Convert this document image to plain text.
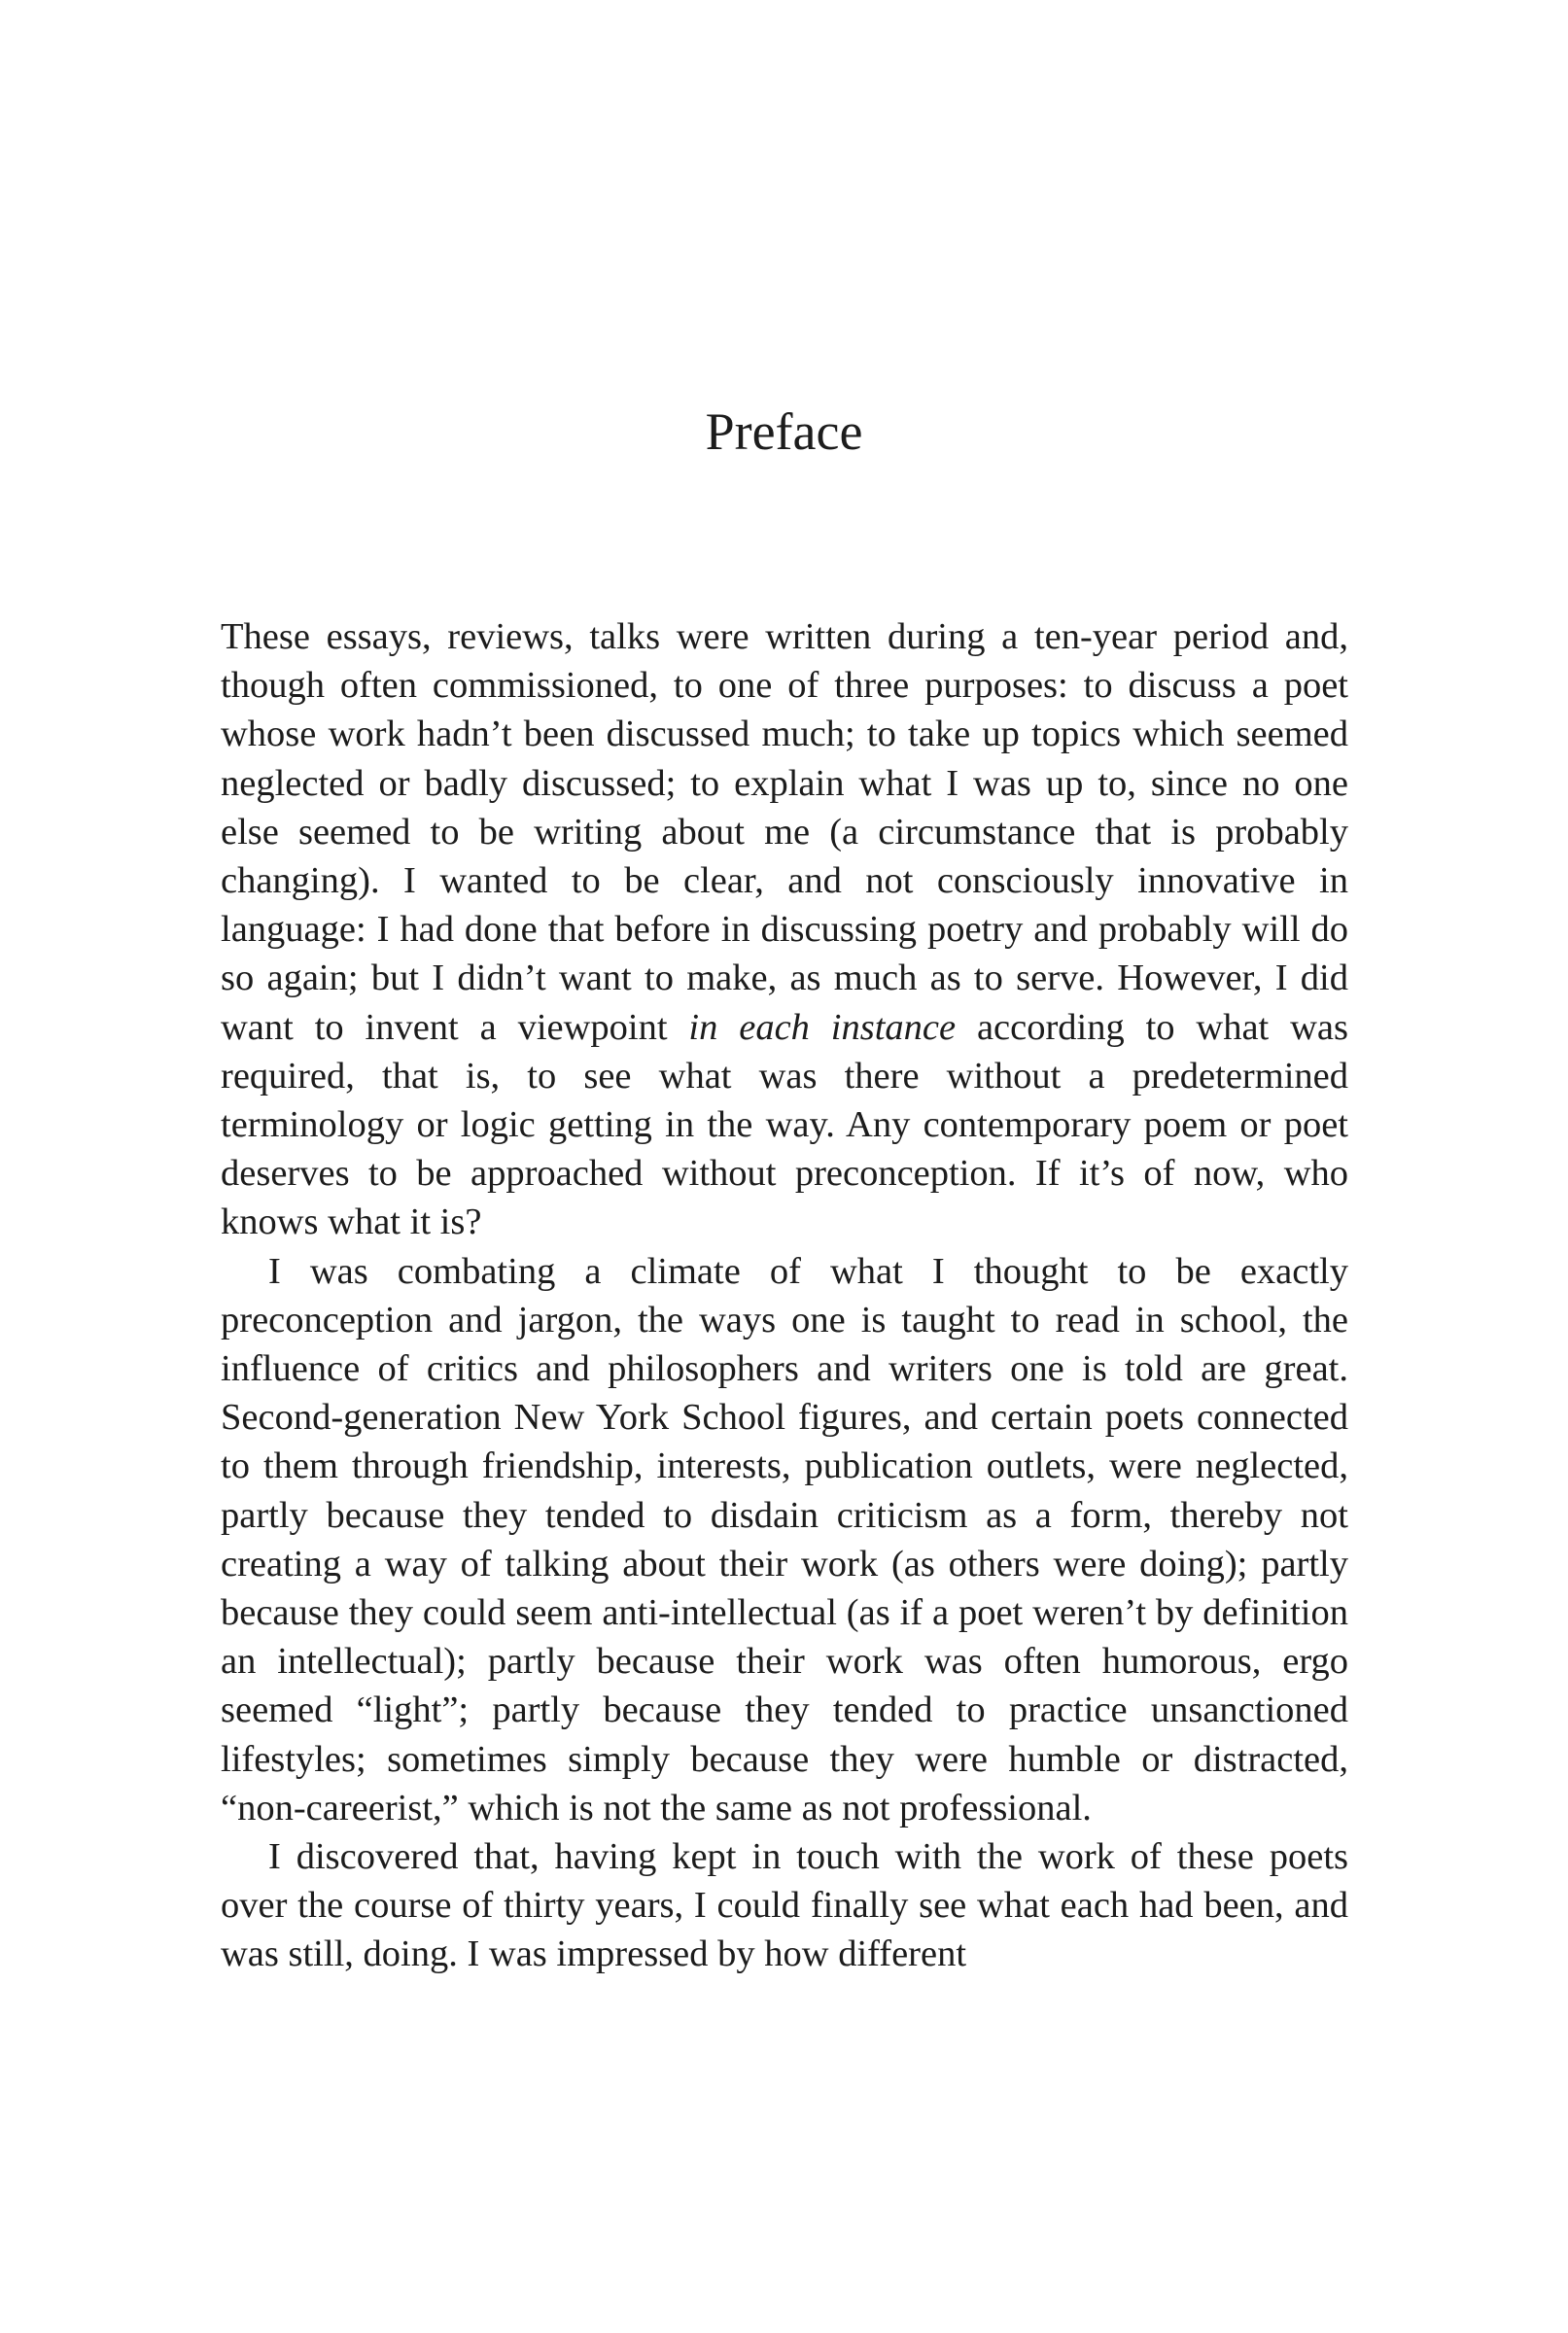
Preface

These essays, reviews, talks were written during a ten-year period and, though often commissioned, to one of three purposes: to discuss a poet whose work hadn’t been discussed much; to take up topics which seemed neglected or badly discussed; to explain what I was up to, since no one else seemed to be writing about me (a circumstance that is probably changing). I wanted to be clear, and not consciously innovative in language: I had done that before in discussing poetry and probably will do so again; but I didn’t want to make, as much as to serve. However, I did want to invent a viewpoint in each instance according to what was required, that is, to see what was there without a predetermined terminology or logic getting in the way. Any contemporary poem or poet deserves to be approached without preconception. If it’s of now, who knows what it is?

I was combating a climate of what I thought to be exactly preconception and jargon, the ways one is taught to read in school, the influence of critics and philosophers and writers one is told are great. Second-generation New York School figures, and certain poets connected to them through friendship, interests, publication outlets, were neglected, partly because they tended to disdain criticism as a form, thereby not creating a way of talking about their work (as others were doing); partly because they could seem anti-intellectual (as if a poet weren’t by definition an intellectual); partly because their work was often humorous, ergo seemed “light”; partly because they tended to practice unsanctioned lifestyles; sometimes simply because they were humble or distracted, “non-careerist,” which is not the same as not professional.

I discovered that, having kept in touch with the work of these poets over the course of thirty years, I could finally see what each had been, and was still, doing. I was impressed by how different
